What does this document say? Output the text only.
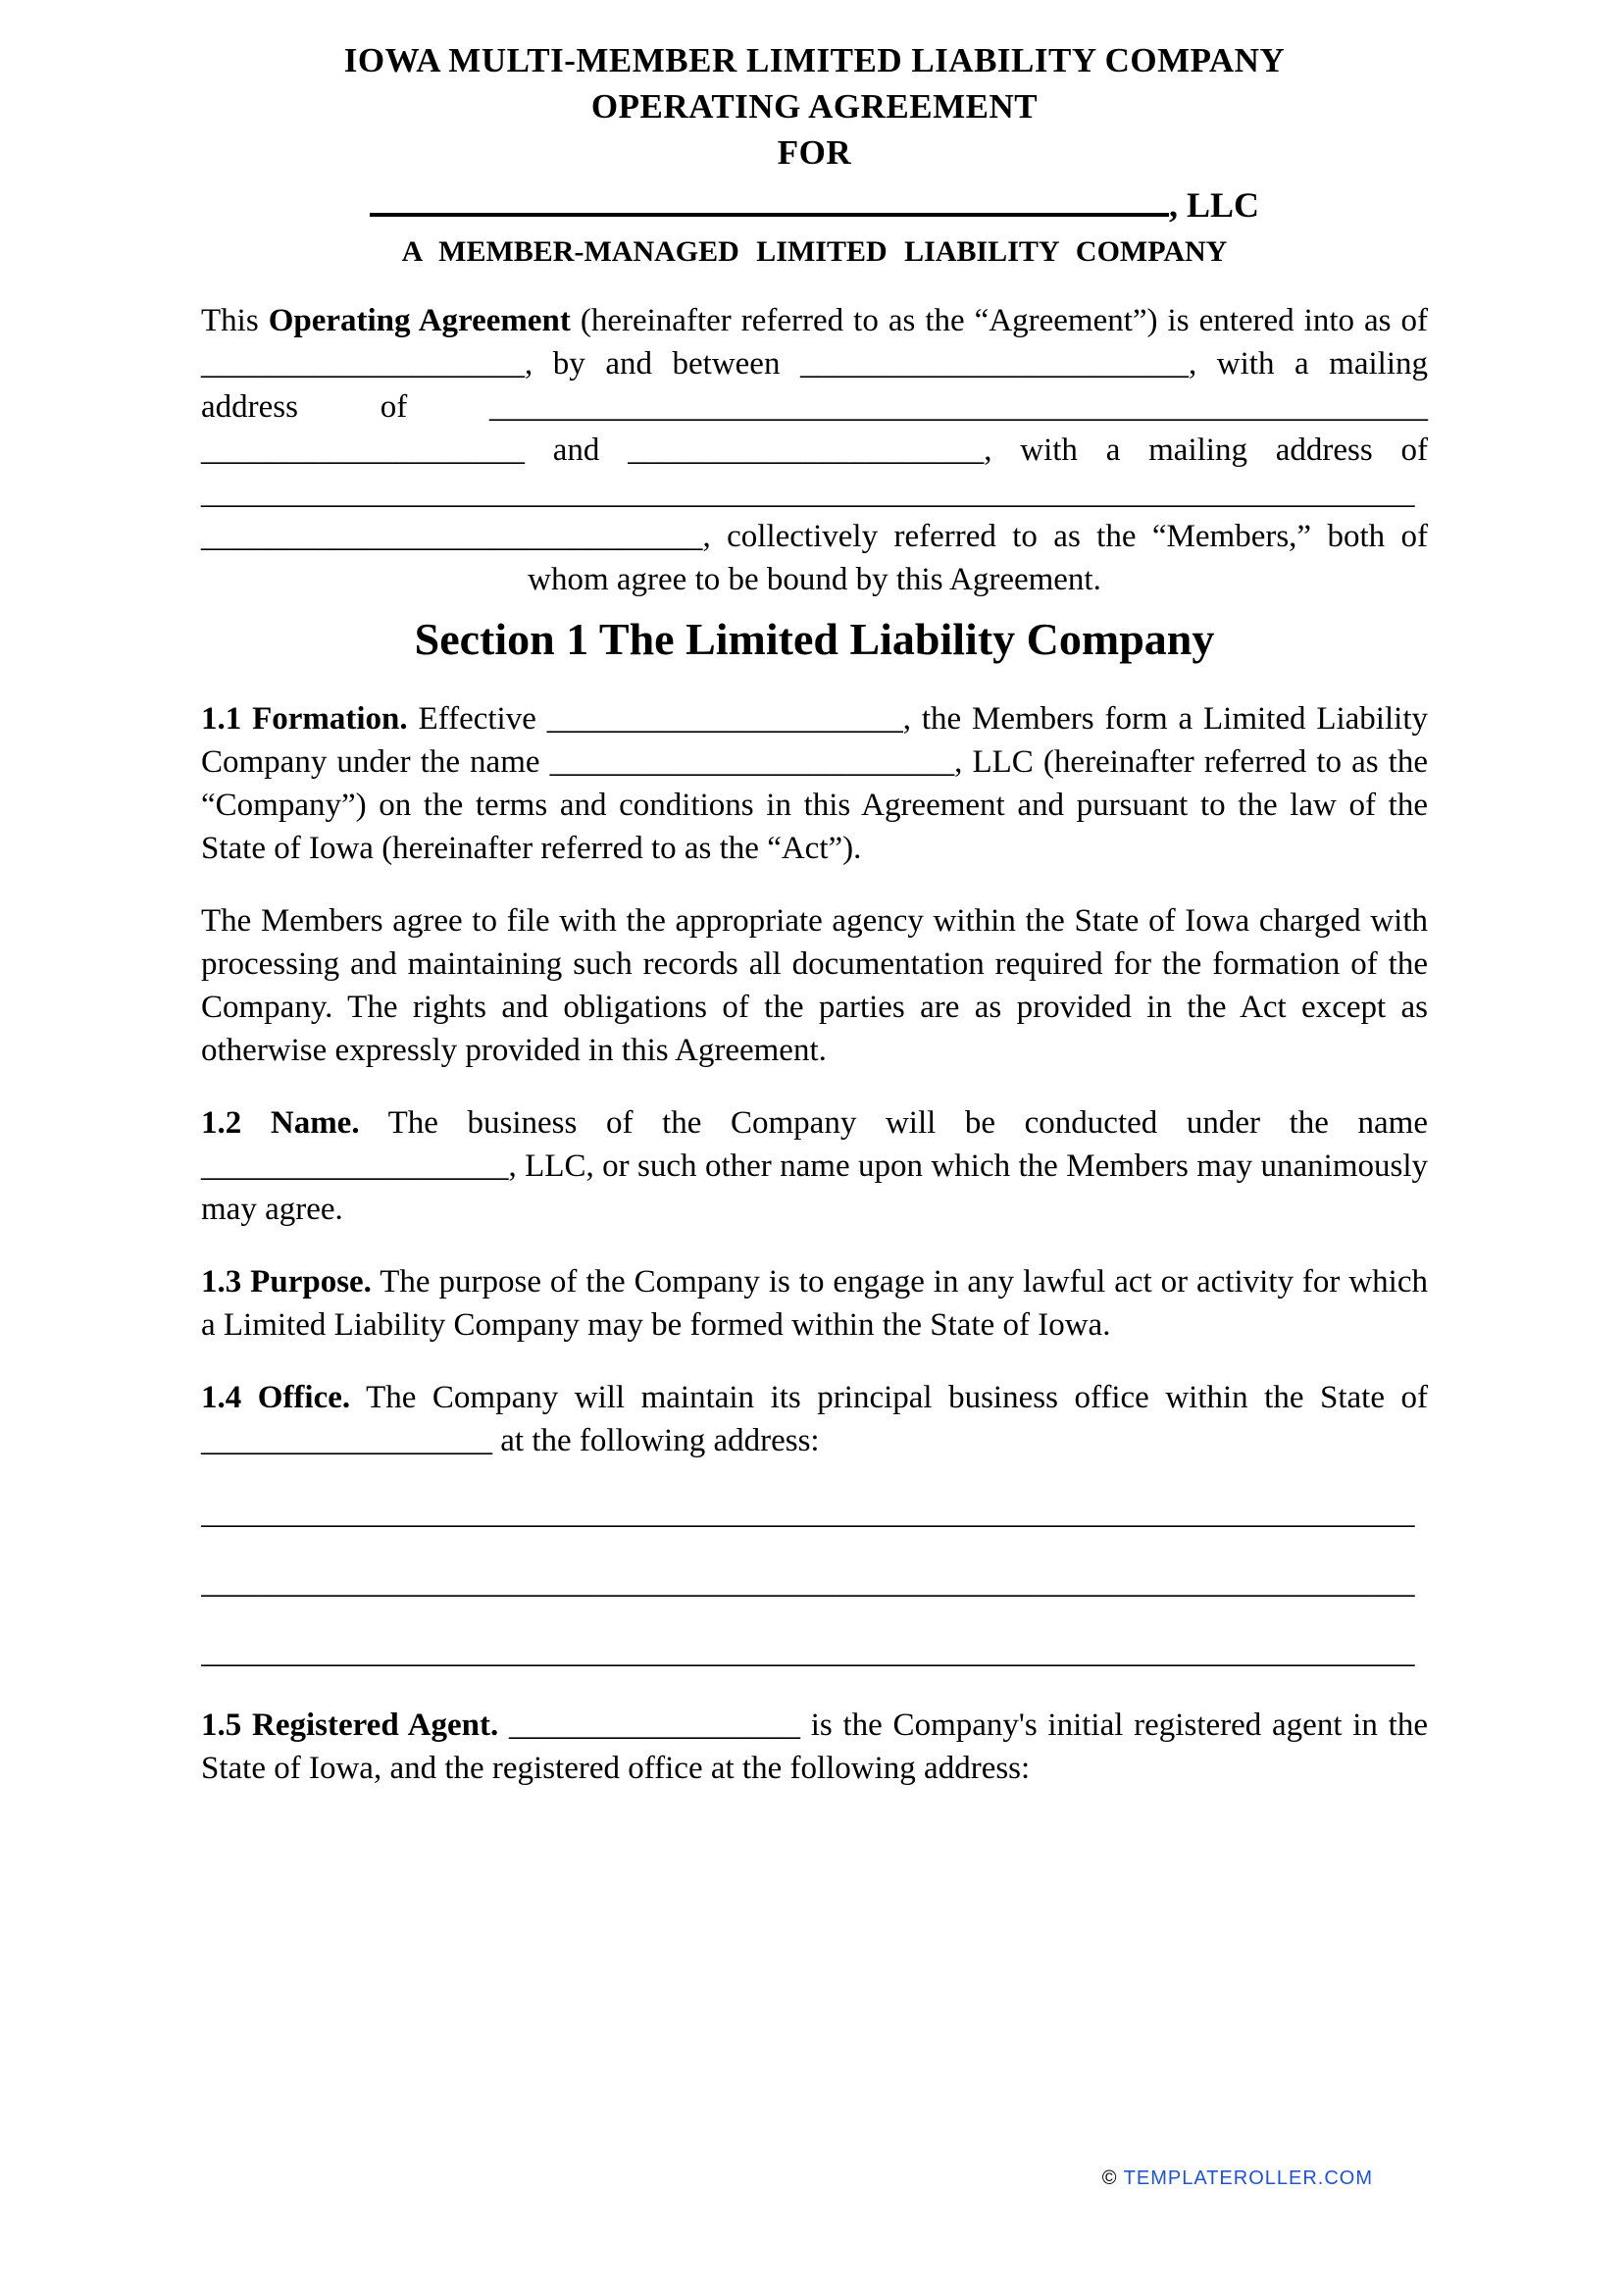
IOWA MULTI-MEMBER LIMITED LIABILITY COMPANY
OPERATING AGREEMENT
FOR
, LLC
A MEMBER-MANAGED LIMITED LIABILITY COMPANY

This Operating Agreement (hereinafter referred to as the “Agreement”) is entered into as of ____________________, by and between ________________________, with a mailing address of __________________________________________________________ ____________________ and ______________________, with a mailing address of ___________________________________________________________________________ _______________________________, collectively referred to as the “Members,” both of whom agree to be bound by this Agreement.

Section 1 The Limited Liability Company

1.1 Formation. Effective ______________________, the Members form a Limited Liability Company under the name _________________________, LLC (hereinafter referred to as the “Company”) on the terms and conditions in this Agreement and pursuant to the law of the State of Iowa (hereinafter referred to as the “Act”).

The Members agree to file with the appropriate agency within the State of Iowa charged with processing and maintaining such records all documentation required for the formation of the Company. The rights and obligations of the parties are as provided in the Act except as otherwise expressly provided in this Agreement.

1.2 Name. The business of the Company will be conducted under the name ___________________, LLC, or such other name upon which the Members may unanimously may agree.

1.3 Purpose. The purpose of the Company is to engage in any lawful act or activity for which a Limited Liability Company may be formed within the State of Iowa.

1.4 Office. The Company will maintain its principal business office within the State of __________________ at the following address:

___________________________________________________________________________
___________________________________________________________________________
___________________________________________________________________________

1.5 Registered Agent. __________________ is the Company's initial registered agent in the State of Iowa, and the registered office at the following address:

© TEMPLATEROLLER.COM
